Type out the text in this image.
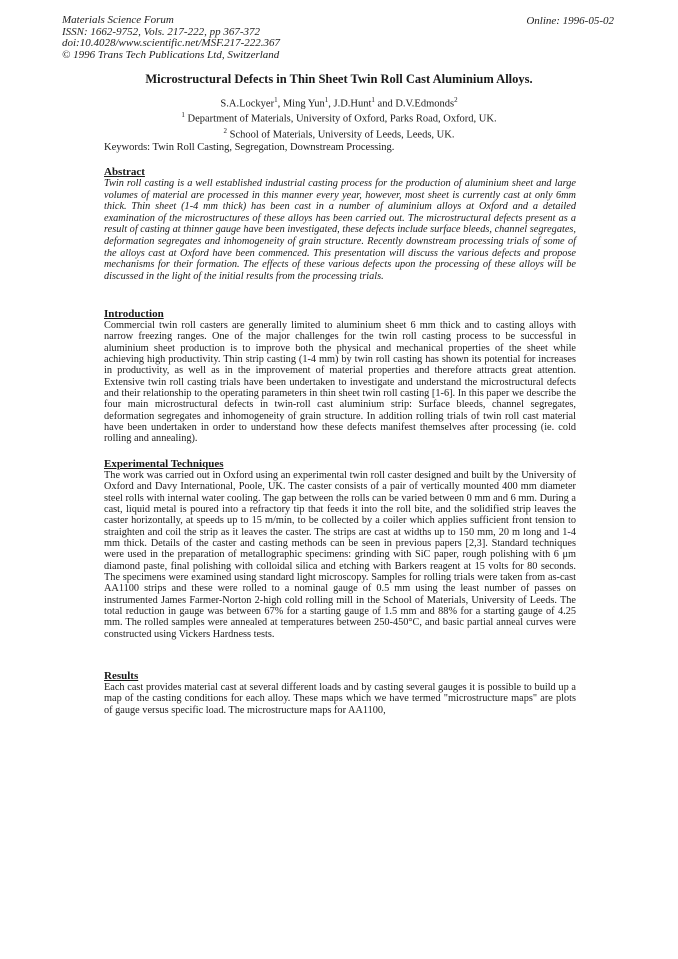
Materials Science Forum
ISSN: 1662-9752, Vols. 217-222, pp 367-372
doi:10.4028/www.scientific.net/MSF.217-222.367
© 1996 Trans Tech Publications Ltd, Switzerland
Online: 1996-05-02
Microstructural Defects in Thin Sheet Twin Roll Cast Aluminium Alloys.
S.A.Lockyer$^1$, Ming Yun$^1$, J.D.Hunt$^1$ and D.V.Edmonds$^2$
$^1$ Department of Materials, University of Oxford, Parks Road, Oxford, UK.
$^2$ School of Materials, University of Leeds, Leeds, UK.
Keywords: Twin Roll Casting, Segregation, Downstream Processing.
Abstract
Twin roll casting is a well established industrial casting process for the production of aluminium sheet and large volumes of material are processed in this manner every year, however, most sheet is currently cast at only 6mm thick. Thin sheet (1-4 mm thick) has been cast in a number of aluminium alloys at Oxford and a detailed examination of the microstructures of these alloys has been carried out. The microstructural defects present as a result of casting at thinner gauge have been investigated, these defects include surface bleeds, channel segregates, deformation segregates and inhomogeneity of grain structure. Recently downstream processing trials of some of the alloys cast at Oxford have been commenced. This presentation will discuss the various defects and propose mechanisms for their formation. The effects of these various defects upon the processing of these alloys will be discussed in the light of the initial results from the processing trials.
Introduction
Commercial twin roll casters are generally limited to aluminium sheet 6 mm thick and to casting alloys with narrow freezing ranges. One of the major challenges for the twin roll casting process to be successful in aluminium sheet production is to improve both the physical and mechanical properties of the sheet while achieving high productivity. Thin strip casting (1-4 mm) by twin roll casting has shown its potential for increases in productivity, as well as in the improvement of material properties and therefore attracts great attention. Extensive twin roll casting trials have been undertaken to investigate and understand the microstructural defects and their relationship to the operating parameters in thin sheet twin roll casting [1-6]. In this paper we describe the four main microstructural defects in twin-roll cast aluminium strip: Surface bleeds, channel segregates, deformation segregates and inhomogeneity of grain structure. In addition rolling trials of twin roll cast material have been undertaken in order to understand how these defects manifest themselves after processing (ie. cold rolling and annealing).
Experimental Techniques
The work was carried out in Oxford using an experimental twin roll caster designed and built by the University of Oxford and Davy International, Poole, UK. The caster consists of a pair of vertically mounted 400 mm diameter steel rolls with internal water cooling. The gap between the rolls can be varied between 0 mm and 6 mm. During a cast, liquid metal is poured into a refractory tip that feeds it into the roll bite, and the solidified strip leaves the caster horizontally, at speeds up to 15 m/min, to be collected by a coiler which applies sufficient front tension to straighten and coil the strip as it leaves the caster. The strips are cast at widths up to 150 mm, 20 m long and 1-4 mm thick. Details of the caster and casting methods can be seen in previous papers [2,3]. Standard techniques were used in the preparation of metallographic specimens: grinding with SiC paper, rough polishing with 6 μm diamond paste, final polishing with colloidal silica and etching with Barkers reagent at 15 volts for 80 seconds. The specimens were examined using standard light microscopy. Samples for rolling trials were taken from as-cast AA1100 strips and these were rolled to a nominal gauge of 0.5 mm using the least number of passes on instrumented James Farmer-Norton 2-high cold rolling mill in the School of Materials, University of Leeds. The total reduction in gauge was between 67% for a starting gauge of 1.5 mm and 88% for a starting gauge of 4.25 mm. The rolled samples were annealed at temperatures between 250-450°C, and basic partial anneal curves were constructed using Vickers Hardness tests.
Results
Each cast provides material cast at several different loads and by casting several gauges it is possible to build up a map of the casting conditions for each alloy. These maps which we have termed "microstructure maps" are plots of gauge versus specific load. The microstructure maps for AA1100,
